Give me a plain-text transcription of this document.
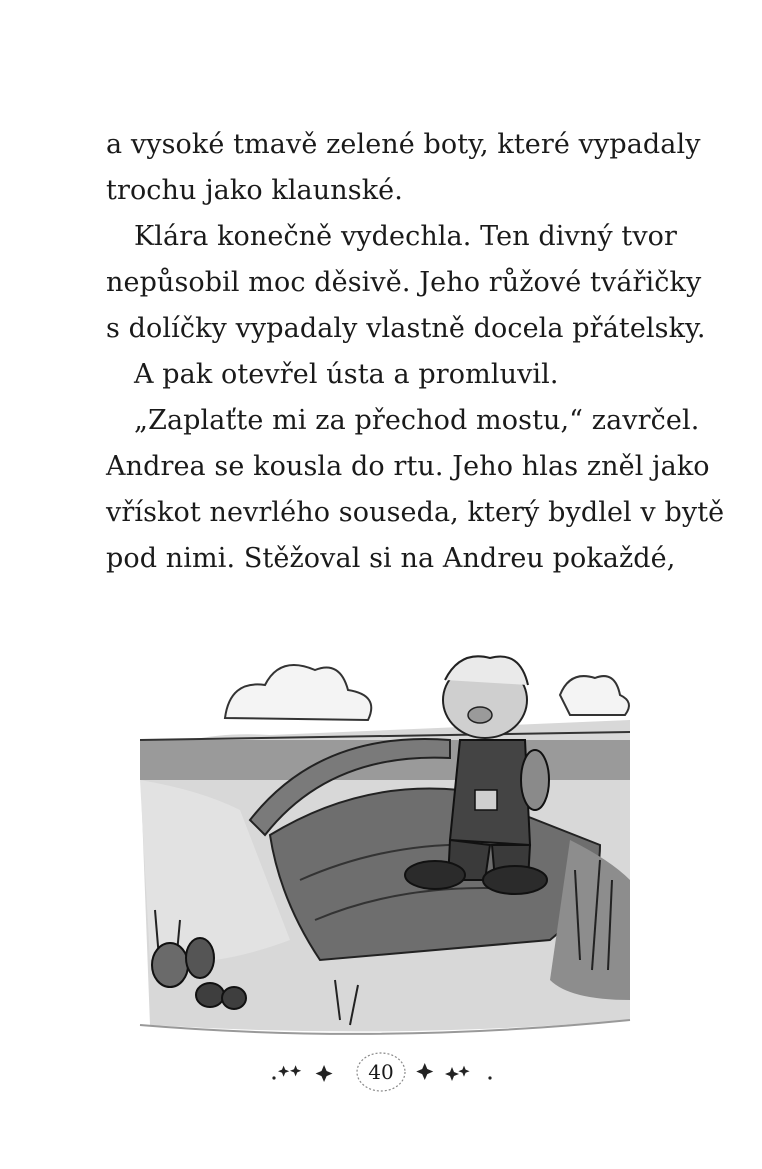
a vysoké tmavě zelené boty, které vypadaly
trochu jako klaunské.
Klára konečně vydechla. Ten divný tvor
nepůsobil moc děsivě. Jeho růžové tvářičky
s dolíčky vypadaly vlastně docela přátelsky.
A pak otevřel ústa a promluvil.
„Zaplaťte mi za přechod mostu,“ zavrčel.
Andrea se kousla do rtu. Jeho hlas zněl jako
vřískot nevrlého souseda, který bydlel v bytě
pod nimi. Stěžoval si na Andreu pokaždé,
40
